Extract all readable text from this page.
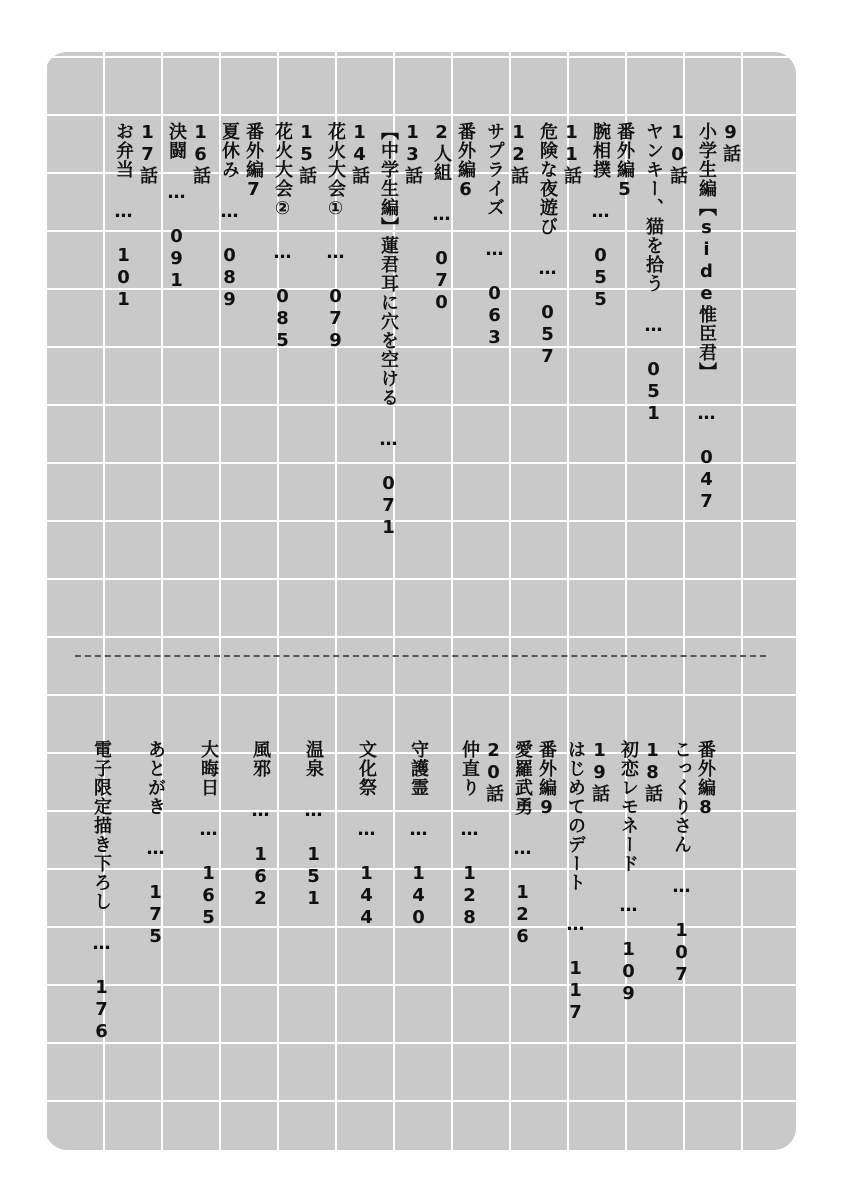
9話
小学生編【side惟臣君】 … 047
10話
ヤンキー、猫を拾う … 051
番外編5
腕相撲 … 055
11話
危険な夜遊び … 057
12話
サプライズ … 063
番外編6
2人組 … 070
13話
【中学生編】蓮君耳に穴を空ける … 071
14話
花火大会① … 079
15話
花火大会② … 085
番外編7
夏休み … 089
16話
決闘 … 091
17話
お弁当 … 101
番外編8
こっくりさん … 107
18話
初恋レモネード … 109
19話
はじめてのデート … 117
番外編9
愛羅武勇 … 126
20話
仲直り … 128
守護霊 … 140
文化祭 … 144
温泉 … 151
風邪 … 162
大晦日 … 165
あとがき … 175
電子限定描き下ろし … 176
